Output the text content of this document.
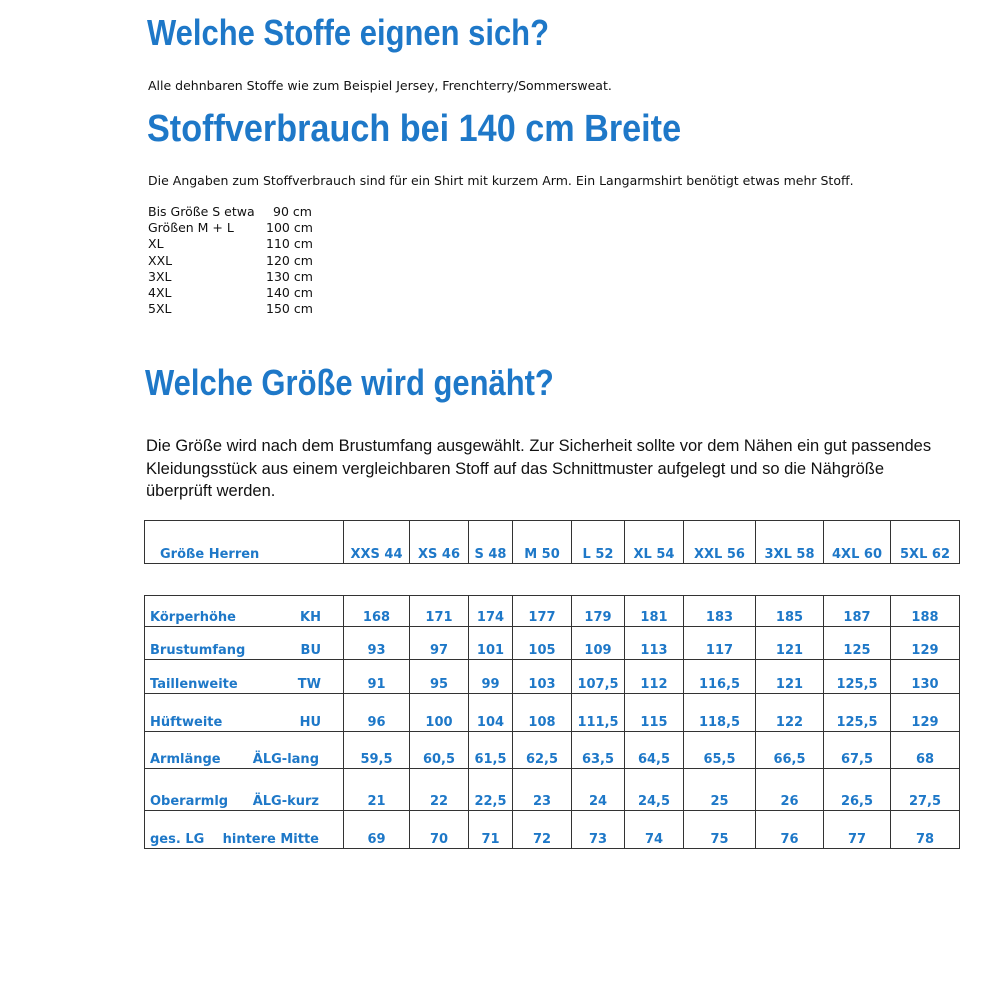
Welche Stoffe eignen sich?

Alle dehnbaren Stoffe wie zum Beispiel Jersey, Frenchterry/Sommersweat.

Stoffverbrauch bei 140 cm Breite

Die Angaben zum Stoffverbrauch sind für ein Shirt mit kurzem Arm. Ein Langarmshirt benötigt etwas mehr Stoff.

Bis Größe S etwa 90 cm
Größen M + L	100 cm
XL	110 cm
XXL	120 cm
3XL	130 cm
4XL	140 cm
5XL	150 cm
Welche Größe wird genäht?

Die Größe wird nach dem Brustumfang ausgewählt. Zur Sicherheit sollte vor dem Nähen ein gut passendes Kleidungsstück aus einem vergleichbaren Stoff auf das Schnittmuster aufgelegt und so die Nähgröße überprüft werden.

Größe Herren	XXS 44	XS 46	S 48	M 50	L 52	XL 54	XXL 56	3XL 58	4XL 60	5XL 62
Körperhöhe KH	168	171	174	177	179	181	183	185	187	188
Brustumfang BU	93	97	101	105	109	113	117	121	125	129
Taillenweite TW	91	95	99	103	107,5	112	116,5	121	125,5	130
Hüftweite HU	96	100	104	108	111,5	115	118,5	122	125,5	129
Armlänge ÄLG-lang	59,5	60,5	61,5	62,5	63,5	64,5	65,5	66,5	67,5	68
Oberarmlg ÄLG-kurz	21	22	22,5	23	24	24,5	25	26	26,5	27,5
ges. LG hintere Mitte	69	70	71	72	73	74	75	76	77	78
